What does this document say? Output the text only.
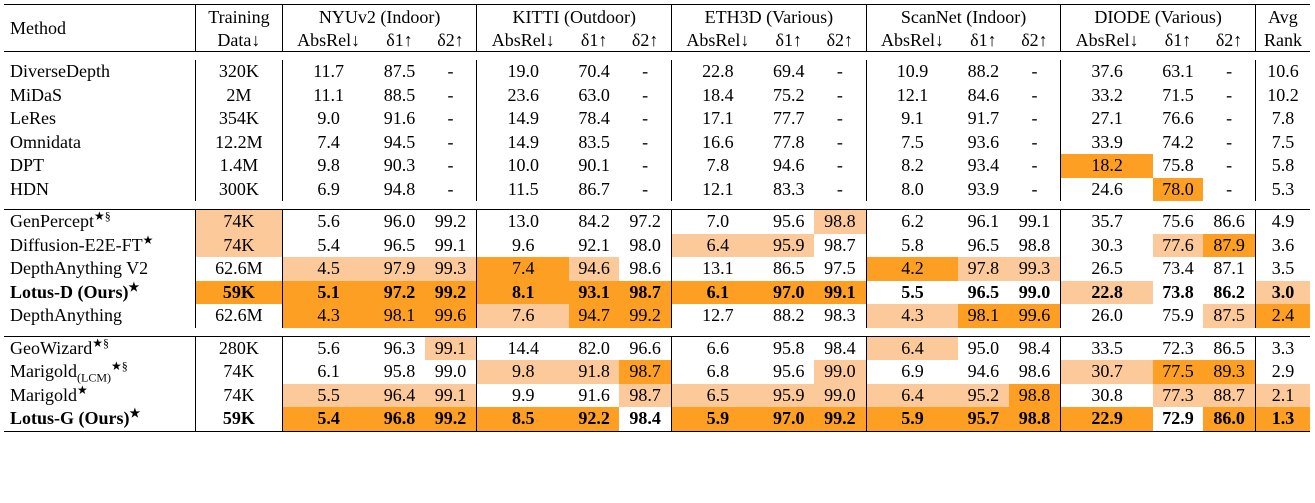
Method	Training	NYUv2 (Indoor)			KITTI (Outdoor)			ETH3D (Various)			ScanNet (Indoor)			DIODE (Various)			Avg
	Data↓	AbsRel↓	δ1↑	δ2↑	AbsRel↓	δ1↑	δ2↑	AbsRel↓	δ1↑	δ2↑	AbsRel↓	δ1↑	δ2↑	AbsRel↓	δ1↑	δ2↑	Rank

DiverseDepth	320K	11.7	87.5	-	19.0	70.4	-	22.8	69.4	-	10.9	88.2	-	37.6	63.1	-	10.6
MiDaS	2M	11.1	88.5	-	23.6	63.0	-	18.4	75.2	-	12.1	84.6	-	33.2	71.5	-	10.2
LeRes	354K	9.0	91.6	-	14.9	78.4	-	17.1	77.7	-	9.1	91.7	-	27.1	76.6	-	7.8
Omnidata	12.2M	7.4	94.5	-	14.9	83.5	-	16.6	77.8	-	7.5	93.6	-	33.9	74.2	-	7.5
DPT	1.4M	9.8	90.3	-	10.0	90.1	-	7.8	94.6	-	8.2	93.4	-	18.2	75.8	-	5.8
HDN	300K	6.9	94.8	-	11.5	86.7	-	12.1	83.3	-	8.0	93.9	-	24.6	78.0	-	5.3

GenPercept★§	74K	5.6	96.0	99.2	13.0	84.2	97.2	7.0	95.6	98.8	6.2	96.1	99.1	35.7	75.6	86.6	4.9
Diffusion-E2E-FT★	74K	5.4	96.5	99.1	9.6	92.1	98.0	6.4	95.9	98.7	5.8	96.5	98.8	30.3	77.6	87.9	3.6
DepthAnything V2	62.6M	4.5	97.9	99.3	7.4	94.6	98.6	13.1	86.5	97.5	4.2	97.8	99.3	26.5	73.4	87.1	3.5
Lotus-D (Ours)★	59K	5.1	97.2	99.2	8.1	93.1	98.7	6.1	97.0	99.1	5.5	96.5	99.0	22.8	73.8	86.2	3.0
DepthAnything	62.6M	4.3	98.1	99.6	7.6	94.7	99.2	12.7	88.2	98.3	4.3	98.1	99.6	26.0	75.9	87.5	2.4

GeoWizard★§	280K	5.6	96.3	99.1	14.4	82.0	96.6	6.6	95.8	98.4	6.4	95.0	98.4	33.5	72.3	86.5	3.3
Marigold$_{(LCM)}$★§	74K	6.1	95.8	99.0	9.8	91.8	98.7	6.8	95.6	99.0	6.9	94.6	98.6	30.7	77.5	89.3	2.9
Marigold★	74K	5.5	96.4	99.1	9.9	91.6	98.7	6.5	95.9	99.0	6.4	95.2	98.8	30.8	77.3	88.7	2.1
Lotus-G (Ours)★	59K	5.4	96.8	99.2	8.5	92.2	98.4	5.9	97.0	99.2	5.9	95.7	98.8	22.9	72.9	86.0	1.3
